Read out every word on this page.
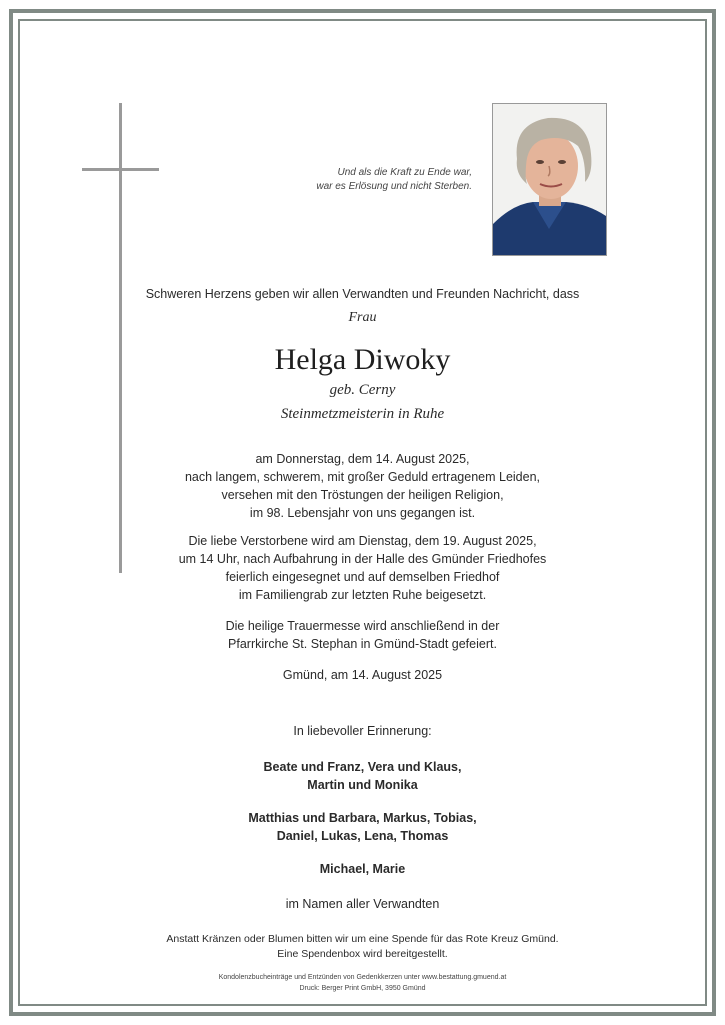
Und als die Kraft zu Ende war,
war es Erlösung und nicht Sterben.
Schweren Herzens geben wir allen Verwandten und Freunden Nachricht, dass
Frau
Helga Diwoky
geb. Cerny
Steinmetzmeisterin in Ruhe
am Donnerstag, dem 14. August 2025,
nach langem, schwerem, mit großer Geduld ertragenem Leiden,
versehen mit den Tröstungen der heiligen Religion,
im 98. Lebensjahr von uns gegangen ist.
Die liebe Verstorbene wird am Dienstag, dem 19. August 2025,
um 14 Uhr, nach Aufbahrung in der Halle des Gmünder Friedhofes
feierlich eingesegnet und auf demselben Friedhof
im Familiengrab zur letzten Ruhe beigesetzt.
Die heilige Trauermesse wird anschließend in der
Pfarrkirche St. Stephan in Gmünd-Stadt gefeiert.
Gmünd, am 14. August 2025
In liebevoller Erinnerung:
Beate und Franz, Vera und Klaus,
Martin und Monika
Matthias und Barbara, Markus, Tobias,
Daniel, Lukas, Lena, Thomas
Michael, Marie
im Namen aller Verwandten
Anstatt Kränzen oder Blumen bitten wir um eine Spende für das Rote Kreuz Gmünd.
Eine Spendenbox wird bereitgestellt.
Kondolenzbucheinträge und Entzünden von Gedenkkerzen unter www.bestattung.gmuend.at
Druck: Berger Print GmbH, 3950 Gmünd
